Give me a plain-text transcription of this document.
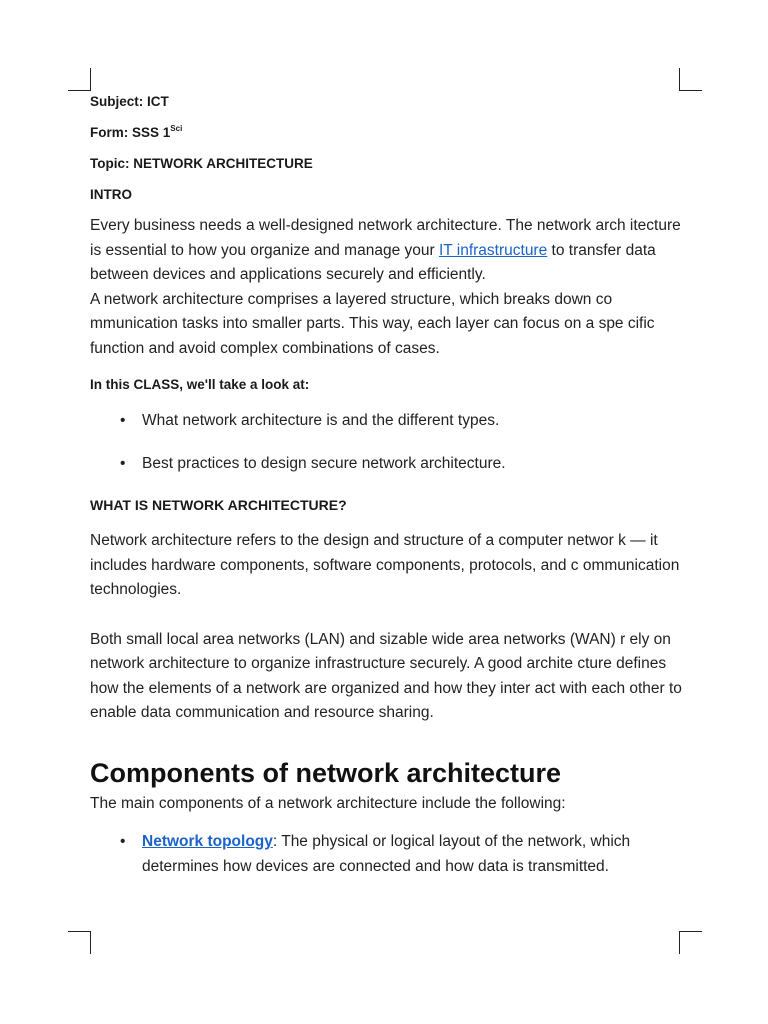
Subject: ICT

Form: SSS $1^{Sci}$

Topic: NETWORK ARCHITECTURE

INTRO

Every business needs a well-designed network architecture. The network arch itecture is essential to how you organize and manage your IT infrastructure to transfer data between devices and applications securely and efficiently.

A network architecture comprises a layered structure, which breaks down co mmunication tasks into smaller parts. This way, each layer can focus on a spe cific function and avoid complex combinations of cases.

In this CLASS, we'll take a look at:

• What network architecture is and the different types.
• Best practices to design secure network architecture.

WHAT IS NETWORK ARCHITECTURE?

Network architecture refers to the design and structure of a computer networ k — it includes hardware components, software components, protocols, and c ommunication technologies.

Both small local area networks (LAN) and sizable wide area networks (WAN) r ely on network architecture to organize infrastructure securely. A good archite cture defines how the elements of a network are organized and how they inter act with each other to enable data communication and resource sharing.

Components of network architecture

The main components of a network architecture include the following:

• Network topology: The physical or logical layout of the network, which determines how devices are connected and how data is transmitted.
